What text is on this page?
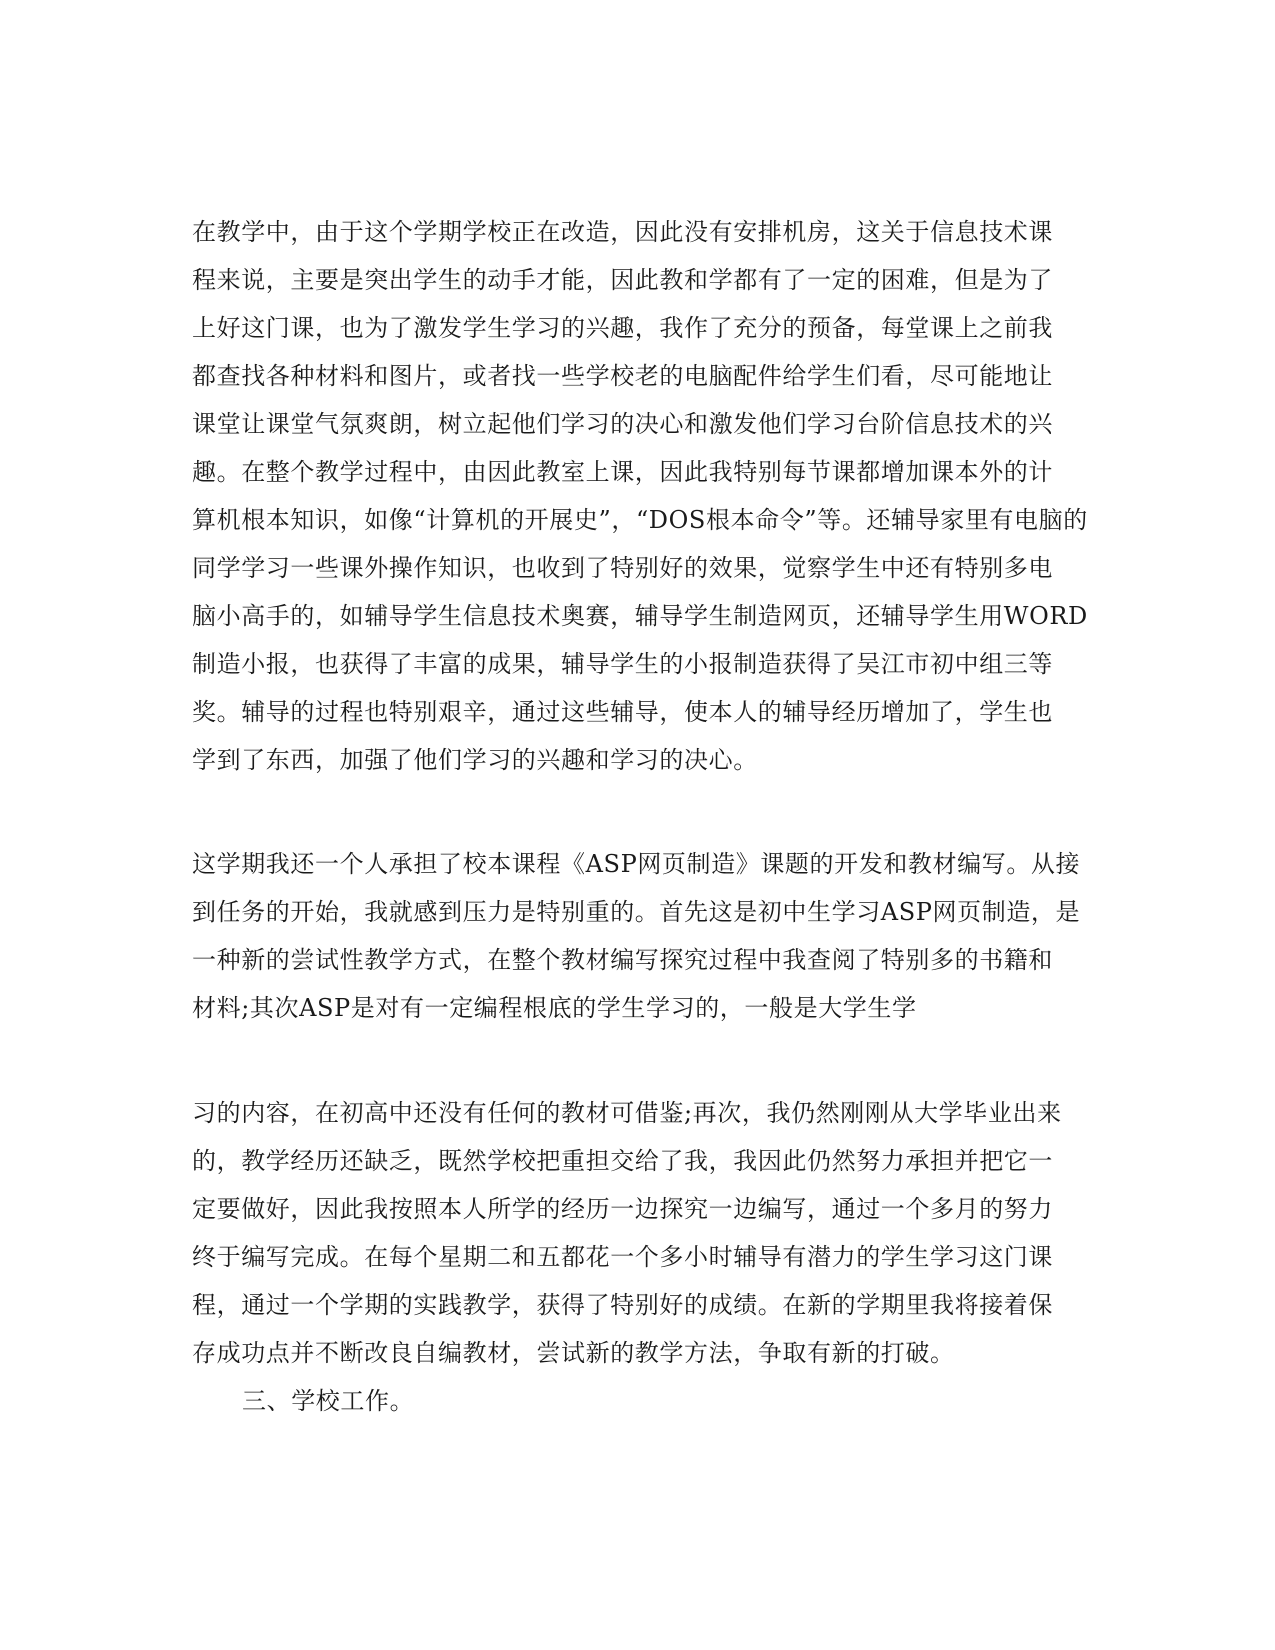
在教学中，由于这个学期学校正在改造，因此没有安排机房，这关于信息技术课
程来说，主要是突出学生的动手才能，因此教和学都有了一定的困难，但是为了
上好这门课，也为了激发学生学习的兴趣，我作了充分的预备，每堂课上之前我
都查找各种材料和图片，或者找一些学校老的电脑配件给学生们看，尽可能地让
课堂让课堂气氛爽朗，树立起他们学习的决心和激发他们学习台阶信息技术的兴
趣。在整个教学过程中，由因此教室上课，因此我特别每节课都增加课本外的计
算机根本知识，如像“计算机的开展史”，“DOS根本命令”等。还辅导家里有电脑的
同学学习一些课外操作知识，也收到了特别好的效果，觉察学生中还有特别多电
脑小高手的，如辅导学生信息技术奥赛，辅导学生制造网页，还辅导学生用WORD
制造小报，也获得了丰富的成果，辅导学生的小报制造获得了吴江市初中组三等
奖。辅导的过程也特别艰辛，通过这些辅导，使本人的辅导经历增加了，学生也
学到了东西，加强了他们学习的兴趣和学习的决心。
这学期我还一个人承担了校本课程《ASP网页制造》课题的开发和教材编写。从接
到任务的开始，我就感到压力是特别重的。首先这是初中生学习ASP网页制造，是
一种新的尝试性教学方式，在整个教材编写探究过程中我查阅了特别多的书籍和
材料;其次ASP是对有一定编程根底的学生学习的，一般是大学生学
习的内容，在初高中还没有任何的教材可借鉴;再次，我仍然刚刚从大学毕业出来
的，教学经历还缺乏，既然学校把重担交给了我，我因此仍然努力承担并把它一
定要做好，因此我按照本人所学的经历一边探究一边编写，通过一个多月的努力
终于编写完成。在每个星期二和五都花一个多小时辅导有潜力的学生学习这门课
程，通过一个学期的实践教学，获得了特别好的成绩。在新的学期里我将接着保
存成功点并不断改良自编教材，尝试新的教学方法，争取有新的打破。
三、学校工作。
